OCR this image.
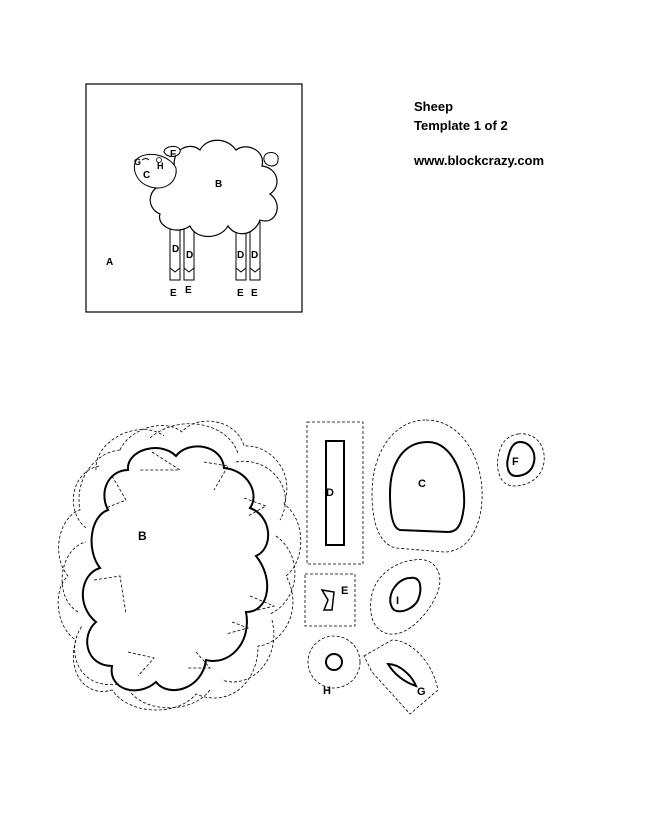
Sheep
Template 1 of 2
www.blockcrazy.com
A
B
C
F
G H
D
D	D D
E E	E E
B
D
C
F
E
I
H	G
